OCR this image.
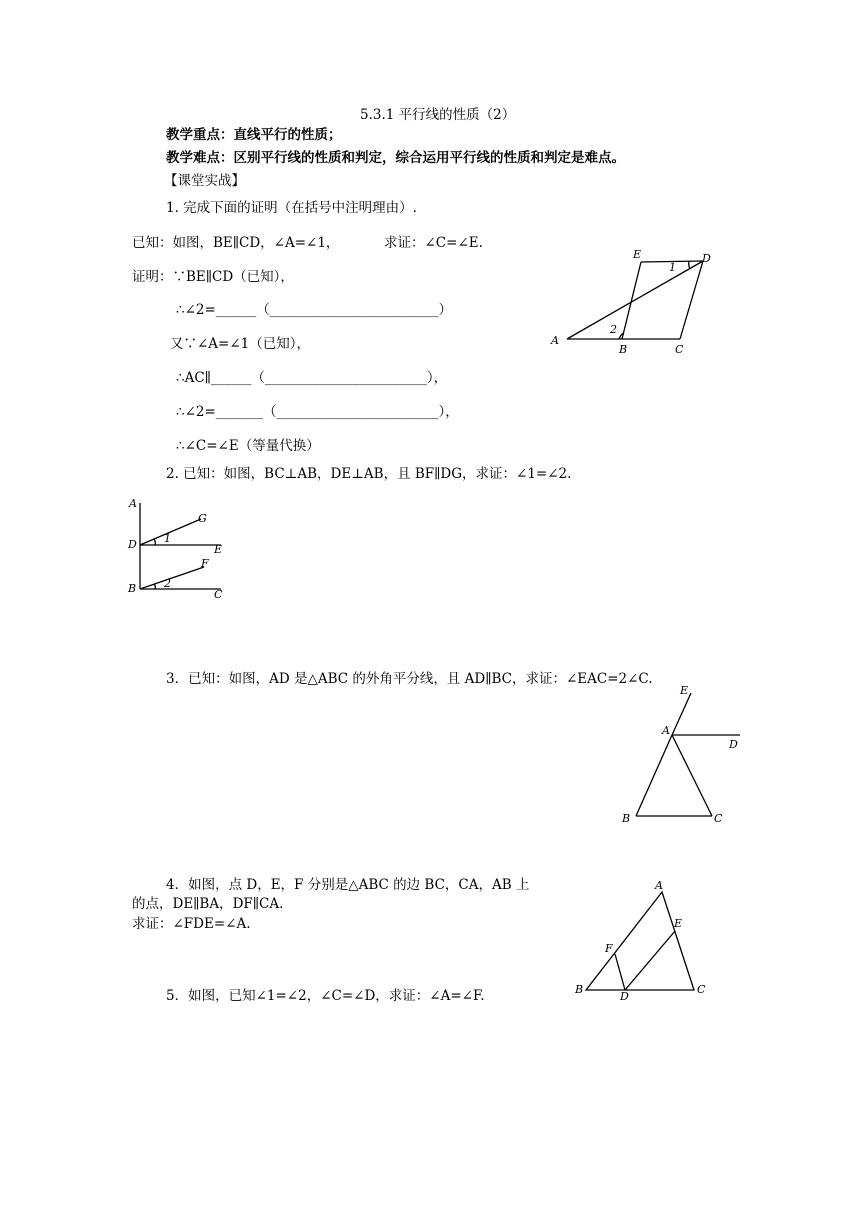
5.3.1 平行线的性质（2）
教学重点：直线平行的性质；
教学难点：区别平行线的性质和判定，综合运用平行线的性质和判定是难点。
【课堂实战】
1. 完成下面的证明（在括号中注明理由）.
已知：如图，BE∥CD，∠A=∠1，	求证：∠C=∠E.
证明：∵BE∥CD（已知），
∴∠2=______（_________________________）
又∵∠A=∠1（已知），
∴AC∥______（________________________），
∴∠2=_______（________________________），
∴∠C=∠E（等量代换）
A
B	C
D
E
1
2
2. 已知：如图，BC⊥AB，DE⊥AB，且 BF∥DG，求证：∠1=∠2.
A
G
D	E
F
B	C
1
2
3．已知：如图，AD 是△ABC 的外角平分线，且 AD∥BC，求证：∠EAC=2∠C.
E
A
D
B	C
4．如图，点 D，E，F 分别是△ABC 的边 BC，CA，AB 上
的点，DE∥BA，DF∥CA.
求证：∠FDE=∠A.
A
E
F
B
D
C
5．如图，已知∠1=∠2，∠C=∠D，求证：∠A=∠F.
